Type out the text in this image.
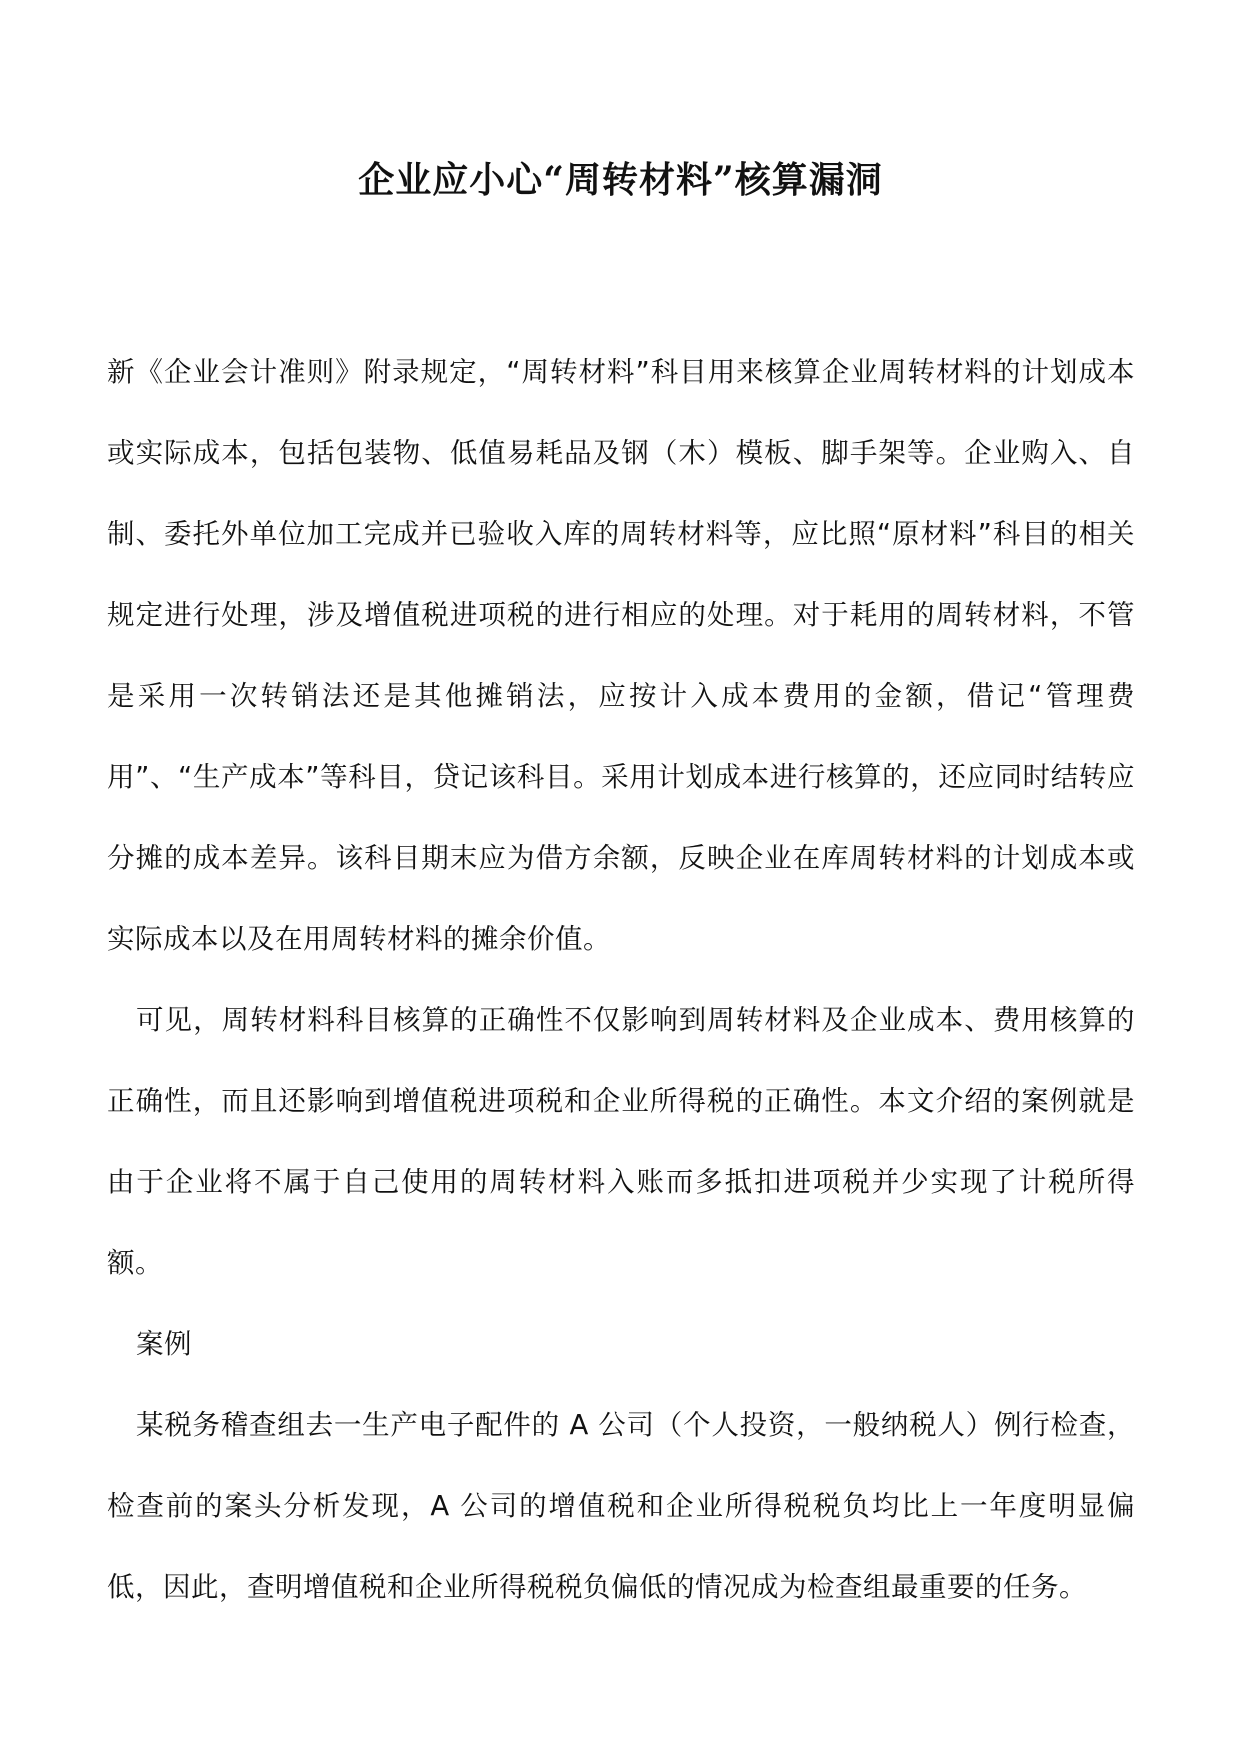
企业应小心“周转材料”核算漏洞

新《企业会计准则》附录规定，“周转材料”科目用来核算企业周转材料的计划成本或实际成本，包括包装物、低值易耗品及钢（木）模板、脚手架等。企业购入、自制、委托外单位加工完成并已验收入库的周转材料等，应比照“原材料”科目的相关规定进行处理，涉及增值税进项税的进行相应的处理。对于耗用的周转材料，不管是采用一次转销法还是其他摊销法，应按计入成本费用的金额，借记“管理费用”、“生产成本”等科目，贷记该科目。采用计划成本进行核算的，还应同时结转应分摊的成本差异。该科目期末应为借方余额，反映企业在库周转材料的计划成本或实际成本以及在用周转材料的摊余价值。

可见，周转材料科目核算的正确性不仅影响到周转材料及企业成本、费用核算的正确性，而且还影响到增值税进项税和企业所得税的正确性。本文介绍的案例就是由于企业将不属于自己使用的周转材料入账而多抵扣进项税并少实现了计税所得额。

案例

某税务稽查组去一生产电子配件的 A 公司（个人投资，一般纳税人）例行检查，检查前的案头分析发现，A 公司的增值税和企业所得税税负均比上一年度明显偏低，因此，查明增值税和企业所得税税负偏低的情况成为检查组最重要的任务。
